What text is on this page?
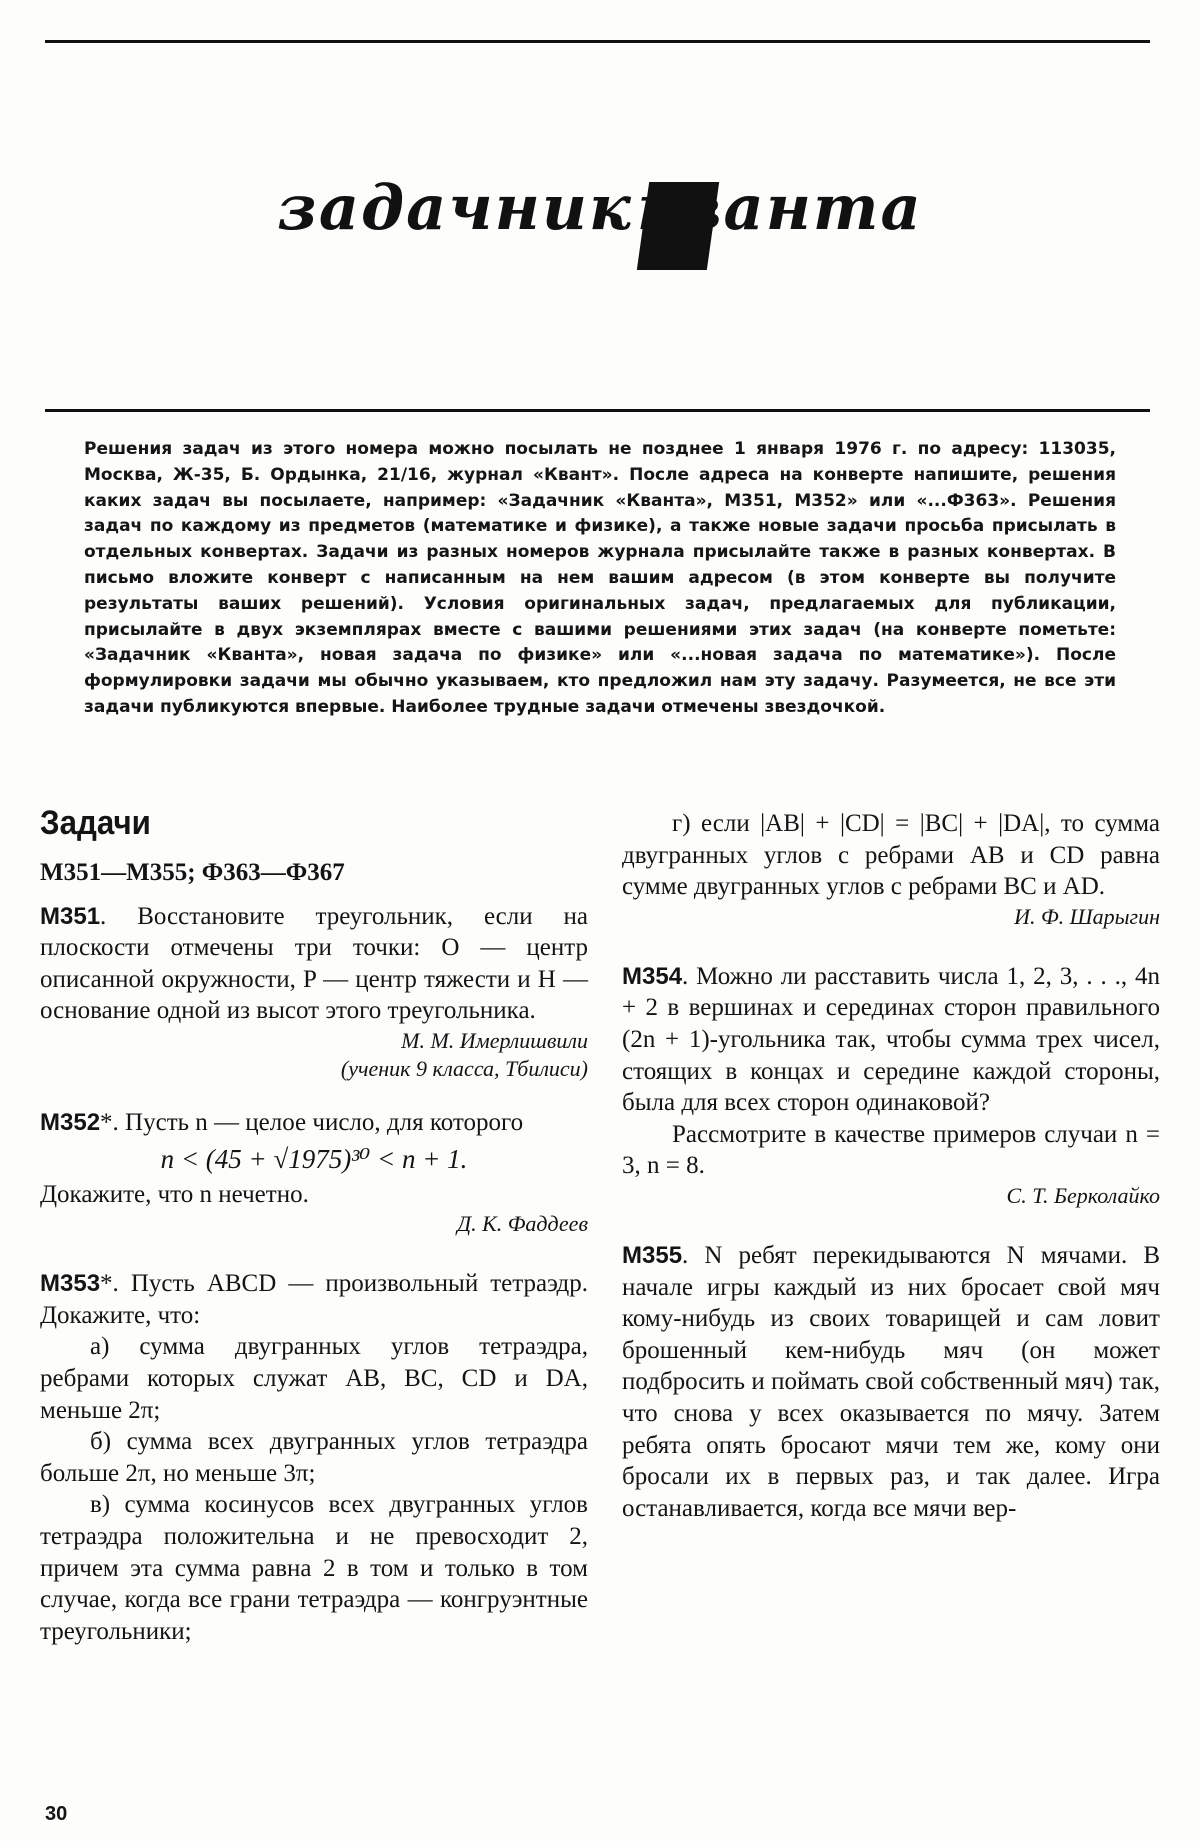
задачник
кванта
Решения задач из этого номера можно посылать не позднее 1 января 1976 г. по адресу: 113035, Москва, Ж-35, Б. Ордынка, 21/16, журнал «Квант». После адреса на конверте напишите, решения каких задач вы посылаете, например: «Задачник «Кванта», М351, М352» или «...Ф363». Решения задач по каждому из предметов (математике и физике), а также новые задачи просьба присылать в отдельных конвертах. Задачи из разных номеров журнала присылайте также в разных конвертах. В письмо вложите конверт с написанным на нем вашим адресом (в этом конверте вы получите результаты ваших решений). Условия оригинальных задач, предлагаемых для публикации, присылайте в двух экземплярах вместе с вашими решениями этих задач (на конверте пометьте: «Задачник «Кванта», новая задача по физике» или «...новая задача по математике»). После формулировки задачи мы обычно указываем, кто предложил нам эту задачу. Разумеется, не все эти задачи публикуются впервые. Наиболее трудные задачи отмечены звездочкой.
Задачи
М351—М355; Ф363—Ф367

М351. Восстановите треугольник, если на плоскости отмечены три точки: O — центр описанной окружности, P — центр тяжести и H — основание одной из высот этого треугольника.

М. М. Имерлишвили

(ученик 9 класса, Тбилиси)

М352*. Пусть n — целое число, для которого

n < (45 + √1975)³⁰ < n + 1.

Докажите, что n нечетно.

Д. К. Фаддеев

М353*. Пусть ABCD — произвольный тетраэдр. Докажите, что:

а) сумма двугранных углов тетраэдра, ребрами которых служат AB, BC, CD и DA, меньше 2π;

б) сумма всех двугранных углов тетраэдра больше 2π, но меньше 3π;

в) сумма косинусов всех двугранных углов тетраэдра положительна и не превосходит 2, причем эта сумма равна 2 в том и только в том случае, когда все грани тетраэдра — конгруэнтные треугольники;

г) если |AB| + |CD| = |BC| + |DA|, то сумма двугранных углов с ребрами AB и CD равна сумме двугранных углов с ребрами BC и AD.

И. Ф. Шарыгин

М354. Можно ли расставить числа 1, 2, 3, . . ., 4n + 2 в вершинах и серединах сторон правильного (2n + 1)-угольника так, чтобы сумма трех чисел, стоящих в концах и середине каждой стороны, была для всех сторон одинаковой?

Рассмотрите в качестве примеров случаи n = 3, n = 8.

С. Т. Берколайко

М355. N ребят перекидываются N мячами. В начале игры каждый из них бросает свой мяч кому-нибудь из своих товарищей и сам ловит брошенный кем-нибудь мяч (он может подбросить и поймать свой собственный мяч) так, что снова у всех оказывается по мячу. Затем ребята опять бросают мячи тем же, кому они бросали их в первых раз, и так далее. Игра останавливается, когда все мячи вер-

30
